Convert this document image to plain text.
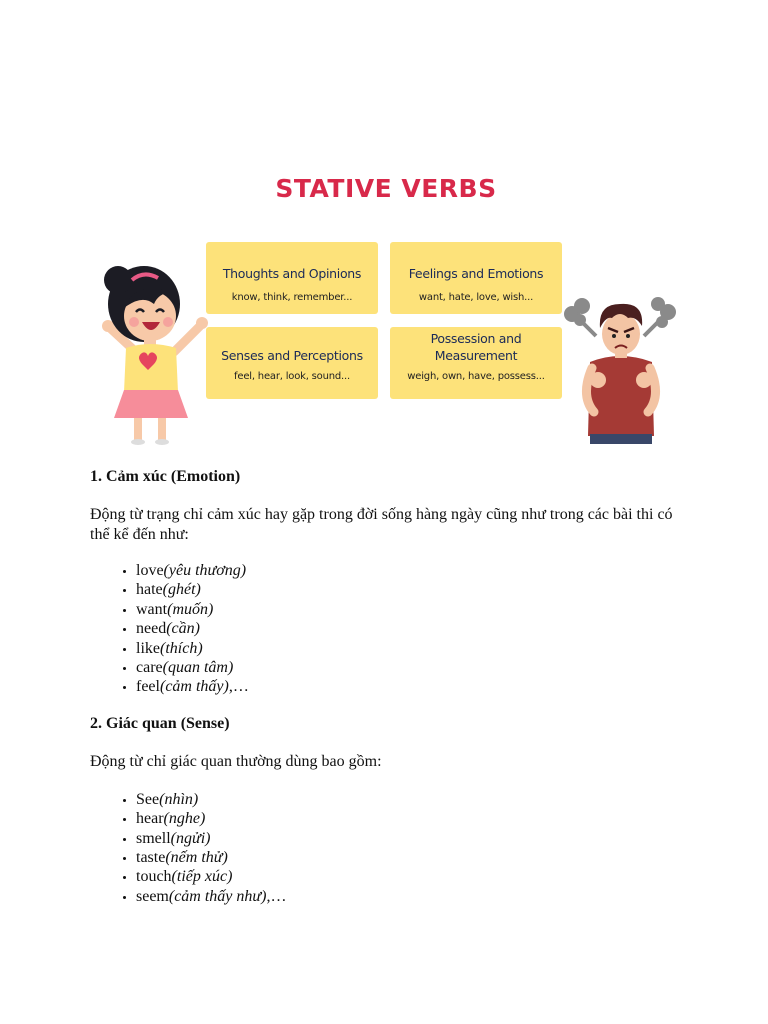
STATIVE VERBS
Thoughts and Opinions
know, think, remember...
Feelings and Emotions
want, hate, love, wish...
Senses and Perceptions
feel, hear, look, sound...
Possession and
Measurement
weigh, own, have, possess...
1. Cảm xúc (Emotion)

Động từ trạng chỉ cảm xúc hay gặp trong đời sống hàng ngày cũng như trong các bài thi có thể kể đến như:

• love(yêu thương)
• hate(ghét)
• want(muốn)
• need(cần)
• like(thích)
• care(quan tâm)
• feel(cảm thấy),…
2. Giác quan (Sense)

Động từ chỉ giác quan thường dùng bao gồm:

• See(nhìn)
• hear(nghe)
• smell(ngửi)
• taste(nếm thử)
• touch(tiếp xúc)
• seem(cảm thấy như),…
